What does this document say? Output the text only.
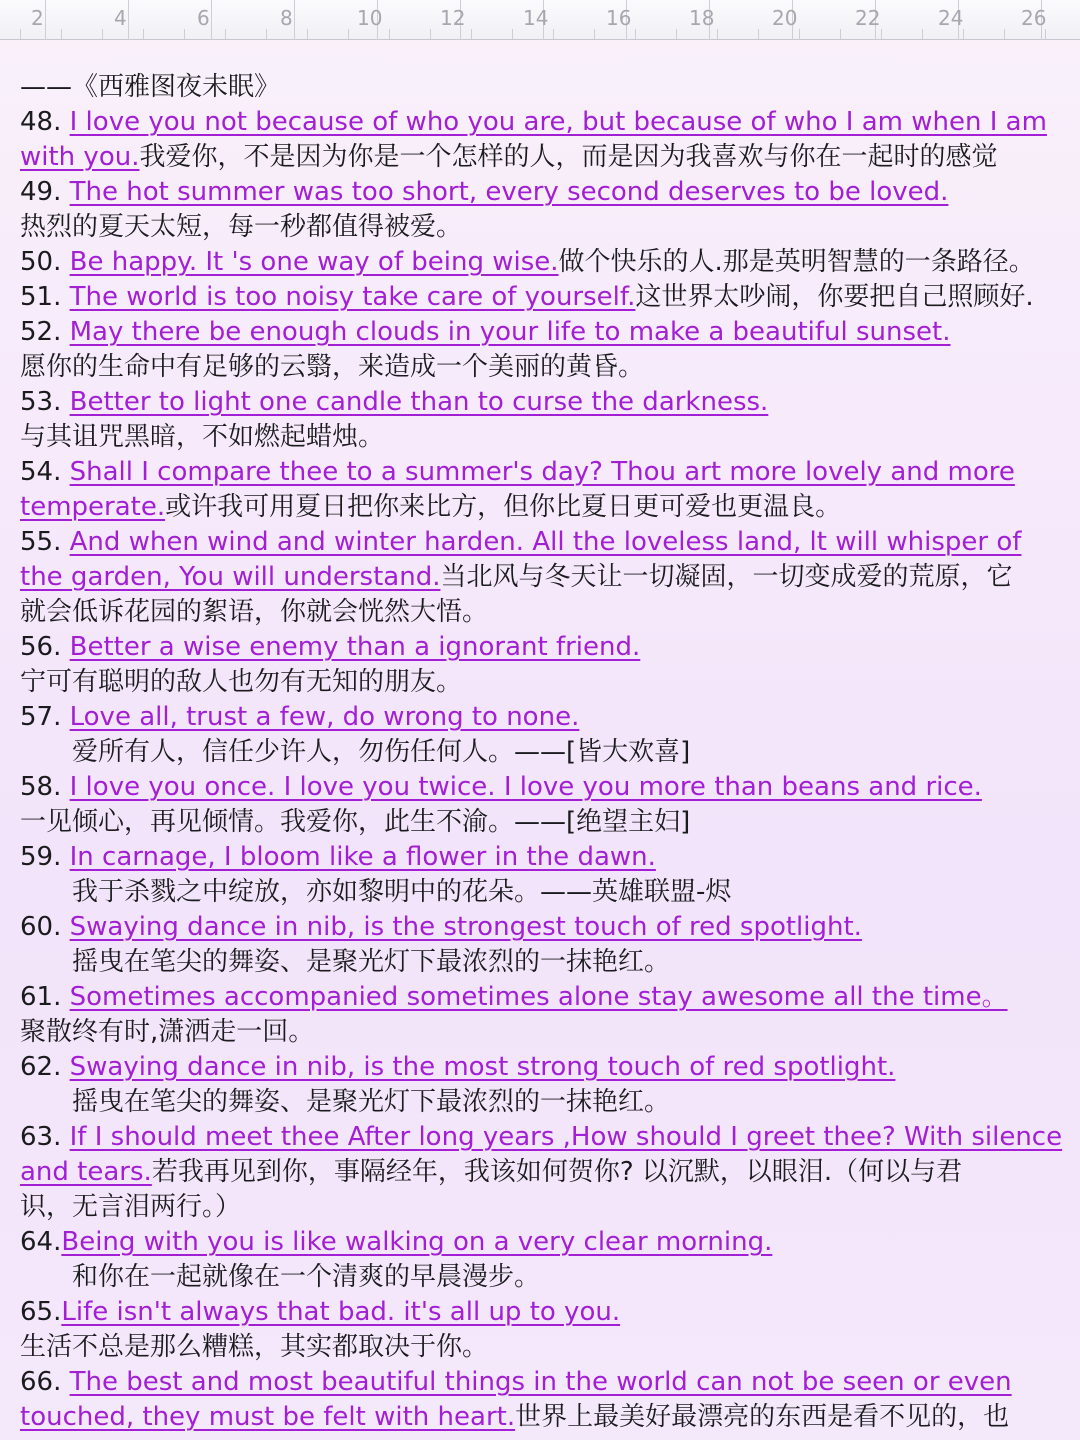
2	4	6	8	10	12	14	16	18	20	22	24	26
——《西雅图夜未眠》
48. I love you not because of who you are, but because of who I am when I am
with you.我爱你，不是因为你是一个怎样的人，而是因为我喜欢与你在一起时的感觉
49. The hot summer was too short, every second deserves to be loved.
热烈的夏天太短，每一秒都值得被爱。
50. Be happy. It 's one way of being wise.做个快乐的人.那是英明智慧的一条路径。
51. The world is too noisy take care of yourself.这世界太吵闹，你要把自己照顾好.
52. May there be enough clouds in your life to make a beautiful sunset.
愿你的生命中有足够的云翳，来造成一个美丽的黄昏。
53. Better to light one candle than to curse the darkness.
与其诅咒黑暗，不如燃起蜡烛。
54. Shall I compare thee to a summer's day? Thou art more lovely and more
temperate.或许我可用夏日把你来比方，但你比夏日更可爱也更温良。
55. And when wind and winter harden. All the loveless land, lt will whisper of
the garden, You will understand.当北风与冬天让一切凝固，一切变成爱的荒原，它
就会低诉花园的絮语，你就会恍然大悟。
56. Better a wise enemy than a ignorant friend.
宁可有聪明的敌人也勿有无知的朋友。
57. Love all, trust a few, do wrong to none.
爱所有人，信任少许人，勿伤任何人。——[皆大欢喜]
58. I love you once. I love you twice. I love you more than beans and rice.
一见倾心，再见倾情。我爱你，此生不渝。——[绝望主妇]
59. In carnage, I bloom like a flower in the dawn.
我于杀戮之中绽放，亦如黎明中的花朵。——英雄联盟-烬
60. Swaying dance in nib, is the strongest touch of red spotlight.
摇曳在笔尖的舞姿、是聚光灯下最浓烈的一抹艳红。
61. Sometimes accompanied sometimes alone stay awesome all the time。
聚散终有时,潇洒走一回。
62. Swaying dance in nib, is the most strong touch of red spotlight.
摇曳在笔尖的舞姿、是聚光灯下最浓烈的一抹艳红。
63. If I should meet thee After long years ,How should I greet thee? With silence
and tears.若我再见到你，事隔经年，我该如何贺你? 以沉默，以眼泪.（何以与君
识，无言泪两行。）
64.Being with you is like walking on a very clear morning.
和你在一起就像在一个清爽的早晨漫步。
65.Life isn't always that bad. it's all up to you.
生活不总是那么糟糕，其实都取决于你。
66. The best and most beautiful things in the world can not be seen or even
touched, they must be felt with heart.世界上最美好最漂亮的东西是看不见的，也
